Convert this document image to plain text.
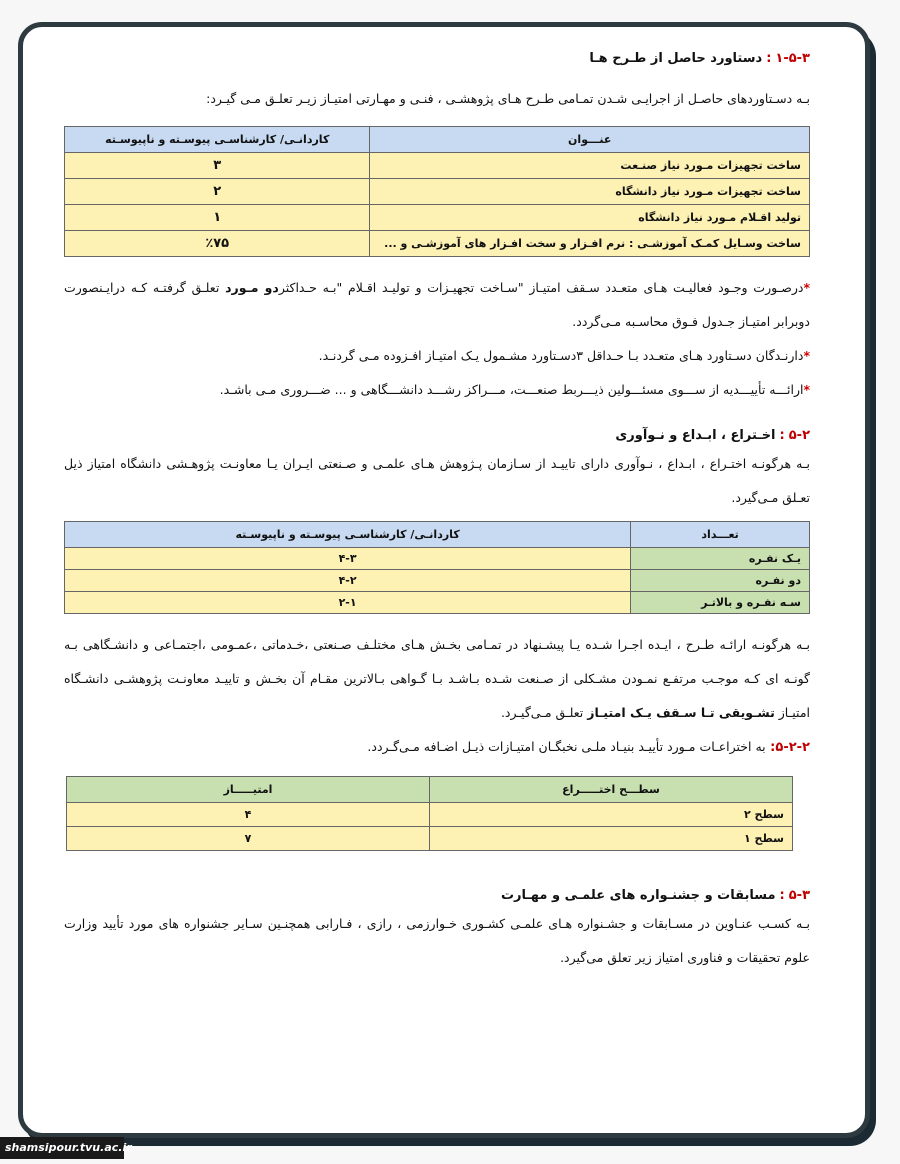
۱-۵-۳
:
دستاورد حاصل از طـرح هـا

بـه دسـتاوردهای حاصـل از اجرایـی شـدن تمـامی طـرح هـای پژوهشـی ، فنـی و مهـارتی امتیـاز زیـر تعلـق مـی گیـرد:

عنـــوان	کاردانـی/ کارشناسـی پیوسـته و ناپیوسـته
ساخت تجهیزات مـورد نیاز صنـعت	۳
ساخت تجهیزات مـورد نیاز دانشگاه	۲
تولید اقـلام مـورد نیاز دانشگاه	۱
ساخت وسـایل کمـک آموزشـی : نرم افـزار و سخت افـزار های آموزشـی و ...	٪۷۵

*درصـورت وجـود فعالیـت هـای متعـدد سـقف امتیـاز "سـاخت تجهیـزات و تولیـد اقـلام "بـه حـداکثردو مـورد تعلـق گرفتـه کـه درایـنصورت دوبرابر امتیـاز جـدول فـوق محاسـبه مـی‌گردد.

*دارنـدگان دسـتاورد هـای متعـدد بـا حـداقل ۳دسـتاورد مشـمول یـک امتیـاز افـزوده مـی گردنـد.

*ارائـــه تأییـــدیه از ســـوی مسئـــولین ذیـــربط صنعـــت، مـــراکز رشـــد دانشـــگاهی و ... ضـــروری مـی باشـد.

۵-۲
:
اخـتراع ، ابـداع و نـوآوری

بـه هرگونـه اختـراع ، ابـداع ، نـوآوری دارای تاییـد از سـازمان پـژوهش هـای علمـی و صـنعتی ایـران یـا معاونـت پژوهـشی دانشگاه امتیاز ذیل تعـلق مـی‌گیرد.

تعـــداد	کاردانـی/ کارشناسـی پیوسـته و ناپیوسـته
یـک نفـره	۴-۳
دو نفـره	۴-۲
سـه نفـره و بالاتـر	۲-۱

بـه هرگونـه ارائـه طـرح ، ایـده اجـرا شـده یـا پیشـنهاد در تمـامی بخـش هـای مختلـف صـنعتی ،خـدماتی ،عمـومی ،اجتمـاعی و دانشـگاهی بـه گونـه ای کـه موجـب مرتفـع نمـودن مشـکلی از صـنعت شـده بـاشـد بـا گـواهی بـالاترین مقـام آن بخـش و تاییـد معاونـت پژوهشـی دانشـگاه امتیـاز تشـویقی تـا سـقف یـک امتیـاز تعلـق مـی‌گیـرد.

۵-۲-۲: به اختراعـات مـورد تأییـد بنیـاد ملـی نخبگـان امتیـازات ذیـل اضـافه مـی‌گـردد.

سطـــح اختـــــراع	امتیـــــاز
سطح ۲	۴
سطح ۱	۷
۵-۳
:
مسابقات و جشنـواره های علمـی و مهـارت

بـه کسـب عنـاوین در مسـابقات و جشـنواره هـای علمـی کشـوری خـوارزمی ، رازی ، فـارابی همچنـین سـایر جشنواره های مورد تأیید وزارت علوم تحقیقات و فناوری امتیاز زیر تعلق می‌گیرد.

shamsipour.tvu.ac.ir
